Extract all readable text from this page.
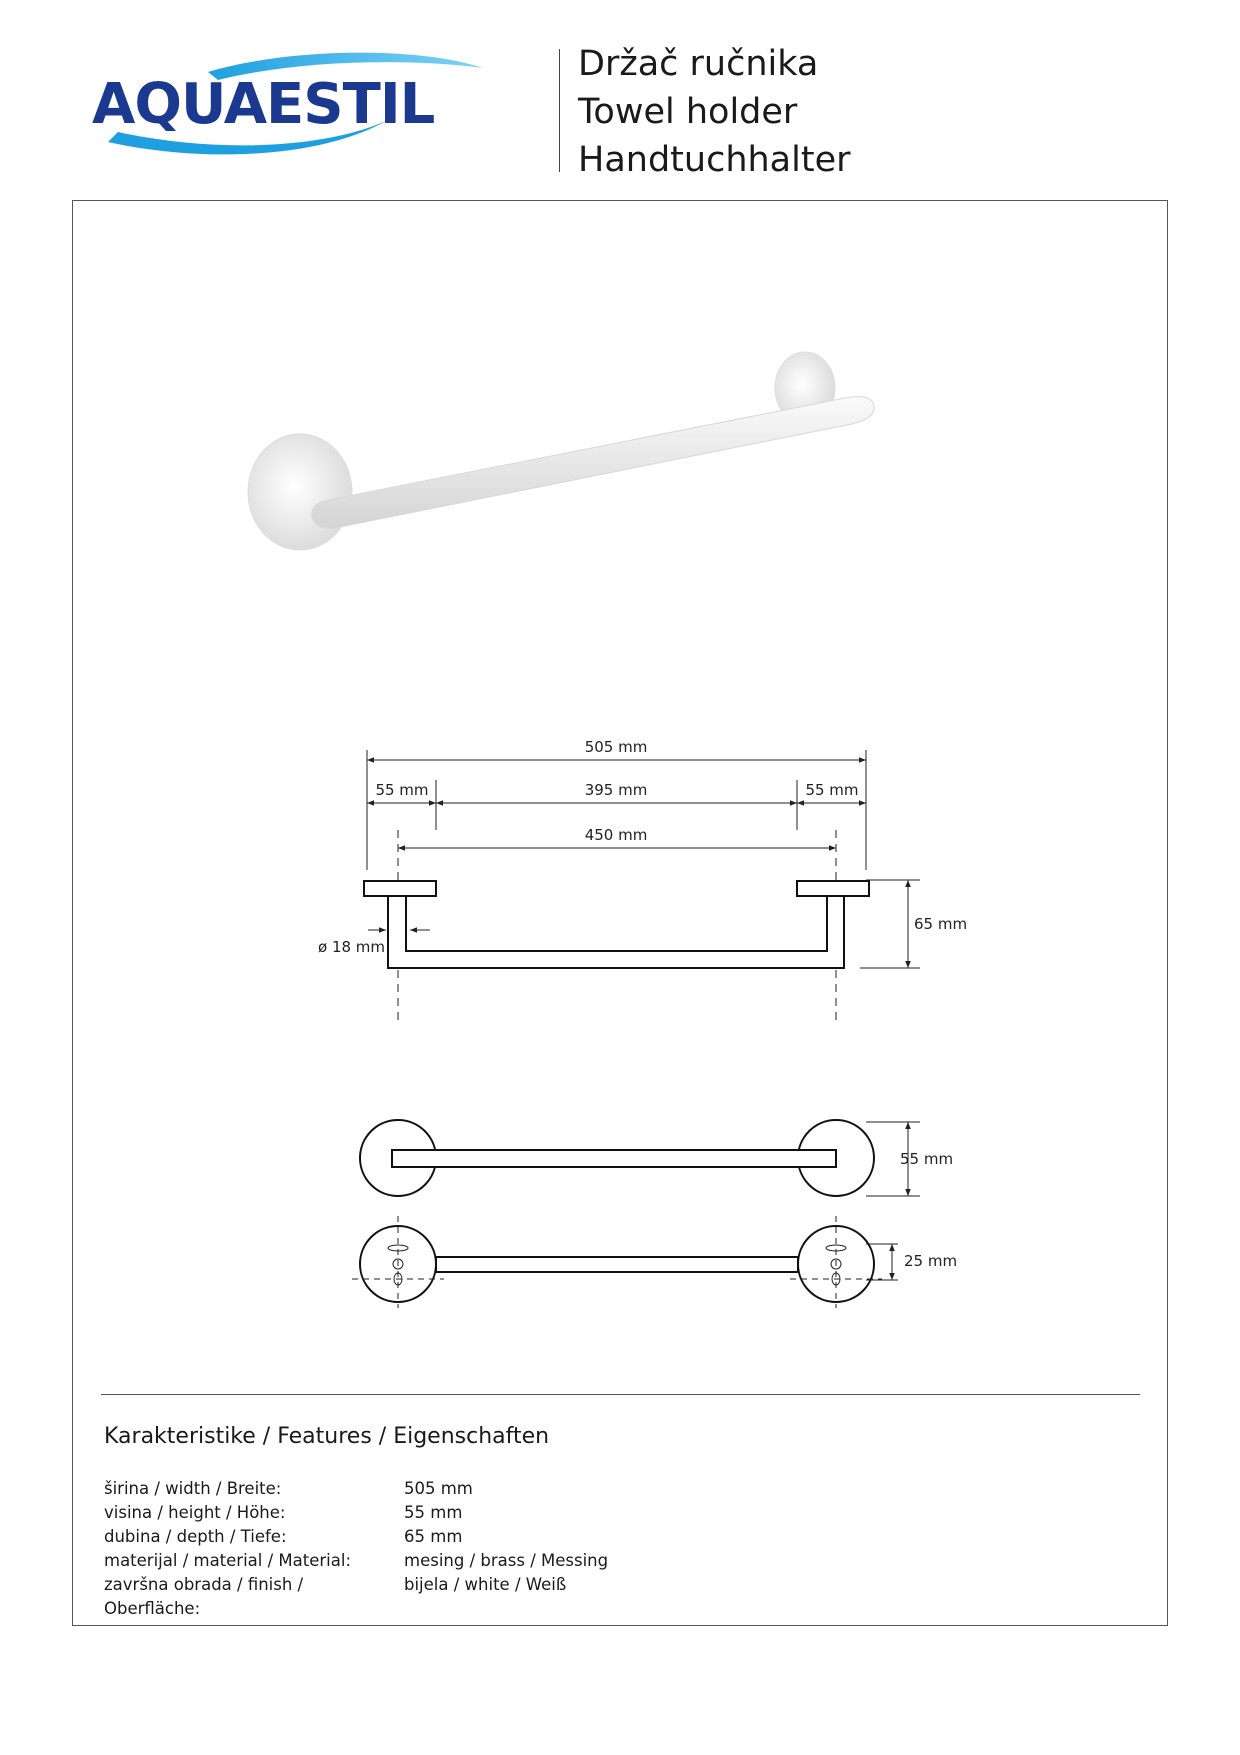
AQUAESTIL
Držač ručnika
Towel holder
Handtuchhalter
505 mm
55 mm	395 mm	55 mm
450 mm
65 mm
ø 18 mm
55 mm
25 mm
Karakteristike / Features / Eigenschaften
širina / width / Breite:	505 mm
visina / height / Höhe:	55 mm
dubina / depth / Tiefe:	65 mm
materijal / material / Material:	mesing / brass / Messing
završna obrada / finish / Oberfläche:
bijela / white / Weiß
